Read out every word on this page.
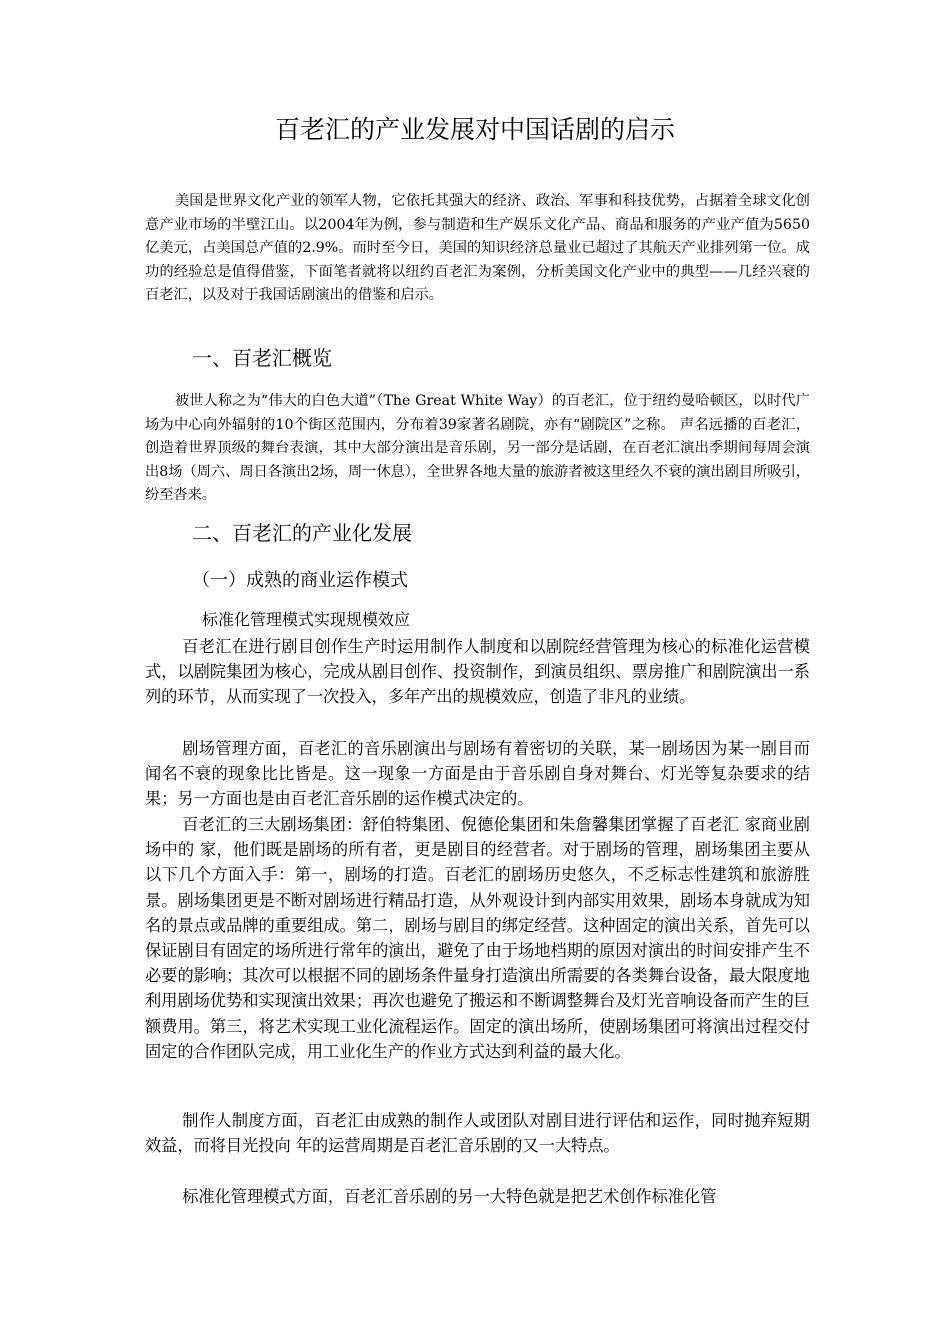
百老汇的产业发展对中国话剧的启示

美国是世界文化产业的领军人物，它依托其强大的经济、政治、军事和科技优势，占据着全球文化创意产业市场的半壁江山。以2004年为例，参与制造和生产娱乐文化产品、商品和服务的产业产值为5650亿美元，占美国总产值的2.9%。而时至今日，美国的知识经济总量业已超过了其航天产业排列第一位。成功的经验总是值得借鉴，下面笔者就将以纽约百老汇为案例，分析美国文化产业中的典型——几经兴衰的百老汇，以及对于我国话剧演出的借鉴和启示。

一、百老汇概览

被世人称之为“伟大的白色大道”（The Great White Way）的百老汇，位于纽约曼哈顿区，以时代广场为中心向外辐射的10个街区范围内，分布着39家著名剧院，亦有“剧院区”之称。 声名远播的百老汇，创造着世界顶级的舞台表演，其中大部分演出是音乐剧，另一部分是话剧，在百老汇演出季期间每周会演出8场（周六、周日各演出2场，周一休息），全世界各地大量的旅游者被这里经久不衰的演出剧目所吸引，纷至沓来。

二、百老汇的产业化发展
（一）成熟的商业运作模式
标准化管理模式实现规模效应

百老汇在进行剧目创作生产时运用制作人制度和以剧院经营管理为核心的标准化运营模式，以剧院集团为核心，完成从剧目创作、投资制作，到演员组织、票房推广和剧院演出一系列的环节，从而实现了一次投入，多年产出的规模效应，创造了非凡的业绩。

剧场管理方面，百老汇的音乐剧演出与剧场有着密切的关联，某一剧场因为某一剧目而闻名不衰的现象比比皆是。这一现象一方面是由于音乐剧自身对舞台、灯光等复杂要求的结果；另一方面也是由百老汇音乐剧的运作模式决定的。

百老汇的三大剧场集团：舒伯特集团、倪德伦集团和朱詹馨集团掌握了百老汇 家商业剧场中的 家，他们既是剧场的所有者，更是剧目的经营者。对于剧场的管理，剧场集团主要从以下几个方面入手：第一，剧场的打造。百老汇的剧场历史悠久，不乏标志性建筑和旅游胜景。剧场集团更是不断对剧场进行精品打造，从外观设计到内部实用效果，剧场本身就成为知名的景点或品牌的重要组成。第二，剧场与剧目的绑定经营。这种固定的演出关系，首先可以保证剧目有固定的场所进行常年的演出，避免了由于场地档期的原因对演出的时间安排产生不必要的影响；其次可以根据不同的剧场条件量身打造演出所需要的各类舞台设备，最大限度地利用剧场优势和实现演出效果；再次也避免了搬运和不断调整舞台及灯光音响设备而产生的巨额费用。第三，将艺术实现工业化流程运作。固定的演出场所，使剧场集团可将演出过程交付固定的合作团队完成，用工业化生产的作业方式达到利益的最大化。

制作人制度方面，百老汇由成熟的制作人或团队对剧目进行评估和运作，同时抛弃短期效益，而将目光投向 年的运营周期是百老汇音乐剧的又一大特点。

标准化管理模式方面，百老汇音乐剧的另一大特色就是把艺术创作标准化管
